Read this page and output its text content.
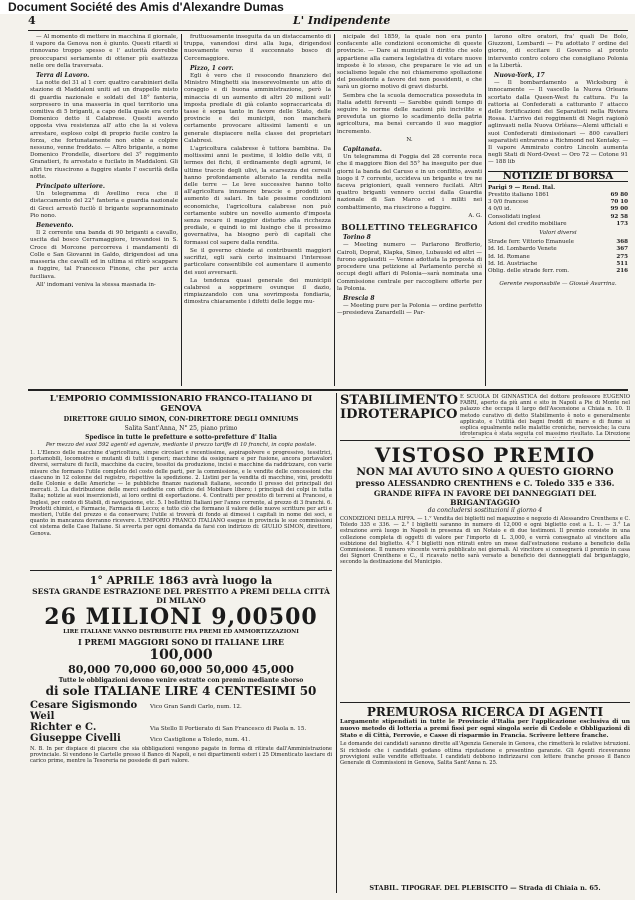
Document Société des Amis d'Alexandre Dumas
4	L' Indipendente

— Al momento di mettere in macchina il giornale, il vapore da Genova non è giunto. Questi ritardi si rinnovano troppo spesso e l' autorità dovrebbe preoccuparsi seriamente di ottener più esattezza nelle ore della traversata.

Terra di Lavoro.

La notte del 31 al 1 corr. quattro carabinieri della stazione di Maddaloni uniti ad un drappello misto di guardia nazionale e soldati del 18° fanteria, sorpresero in una masseria in quel territorio una comitiva di 5 briganti, a capo della quale era certo Domenico detto il Calabrese. Questi avendo opposta viva resistenza all' atto che la si voleva arrestare, esploso colpi di proprio fucile contro la forza, che fortunatamente non ebbe a colpire nessuno, venne freddato. — Altro brigante, a nome Domenico Frondelle, disertore del 3° reggimento Granatieri, fu arrestato e fucilato in Maddaloni. Gli altri tre riuscirono a fuggire stante l' oscurità della notte.

Principato ulteriore.

Un telegramma di Avellino reca che il distaccamento del 22° fanteria e guardia nazionale di Greci arrestò fucilò il brigante soprannominato Pio nono.

Benevento.

Il 2 corrente una banda di 90 briganti a cavallo, uscita dal bosco Cerramaggiore, trovandosi in S. Croce di Morcone percorreva i mandamenti di Colle e San Giovanni in Galdo, dirigendosi ad una masseria che cavalli ed in ultima si ritirò scappare a fuggire, tal Francesco Finone, che per accia fuciliava.

All' indomani veniva la stessa masnada in-

fruttuosamente inseguita da un distaccamento di truppa, vanendosi dirsi alla luga, dirigendosi nuovamente verso il succennato bosco di Cercemaggiore.

Pizzo, 1 corr.

Egli è vero che il resocondo finanziero del Ministro Minghetti sia inesorevolmente un atto di coraggio e di buona amministrazione, però la minaccia di un aumento di altri 20 milioni sull' imposta prediale di già colanto sopraccaricata di tasse è sorpa tanto in favore delle Stato, delle provincie e dei municipii, non mancherà certamente provocare altissimi lamenti e un generale dispiacere nella classe dei proprietari Calabresi.

L'agricoltura calabrese è tuttora bambina. Da moltissimi anni le pestime, il loldio delle viti, il lermes dei fichi, il erdinamente degli agrumi, le ultime traccie degli ulivi, la scarsezza dei cereali hanno profondamente alterato la rendita nella delle terre — Le leve successive hanno tolto all'agricoltura innumere braccie e prodotti un aumento di salari. In tale pessime condizioni economiche, l'agricoltura calabrese non può certamente subire un novello aumento d'imposta senza recare il maggior disturbo alla ricchezza prediale, e quindi io mi lusingo che il prossimo governativa, ha bisogno però di capitali che formassi col sapere dalla rendita.

Se il governo chiede ai contribuenti maggiori sacrifizi, egli sarà certo insinuarsi l'interesse particolare consentibile col aumentare il aumento dei suoi avversarii.

La tendenza quasi generale dei municipii calabresi a sopprimere ovunque il dazio, rimpiazzandolo con una sovrimposta fondiaria, dimostra chiaramente i difetti delle legge mu-

nicipale del 1859, la quale non era punto confacente alle condizioni economiche di queste provincie. — Dare ai municipii il diritto che solo appartiene alla camera legislativa di votare nuove imposte è lo stesso, che preparare le vie ad un socialismo legale che noi chiameremo spoliazione del possidente a favore dei non possidenti, e che sarà un giorno motivo di gravi disturbi.

Sembra che la scuola democratica posseduta in Italia adetti ferventi — Sarebbe quindi tempo di seguire le norme delle nazioni più incivilite e preveduta un giorno lo scadimento della patria agricoltura, ma bensì cercando il suo maggior incremento.

N.

Capitanata.

Un telegramma di Foggia del 28 corrente reca che il maggiore Bion del 55° ha inseguito per due giorni la banda del Caruso e in un conflitto, avanti luogo il 7 corrente, uccideva un brigante e tre ne faceva prigionieri, quali vennero fucilati. Altri quattro briganti vennero uccisi dalla Guardia nazionale di San Marco ed i militi nei combattimento, ma riuscirono a fuggire.

A. G.

BOLLETTINO TELEGRAFICO
Torino 8

— Meeting numero — Parlarono Brofferio, Cairoli, Doprat, Klapka, Sineo, Lubauski ed altri — furono applauditi — Venne adottata la proposta di procedere una petizione al Parlamento perchè sì occupi degli affari di Polonia—sarà nominata una Commissione centrale per raccogliere offerte per la Polonia.

Brescia 8

— Meeting pure per la Polonia — ordine perfetto—presiedeva Zanardelli — Par-

larono oltre oratori, fra' quali De Bolo, Giuzzoni, Lombardi — Fu adottato l' ordine del giorno, di eccitare il Governo al pronto intervento contro coloro che consigliano Polonia e la Libertà.

Nuova-York, 17

— Il bombardamento a Wicksburg è innocamente — Il vascello la Nuova Orleans scortato dalla Queen-West fu cattura. Fu la rattoria ai Confederati a catturanto l' attacco delle fortificazioni dei Separatisti nella Riviera Rossa. L'arrivo dei reggimenti di Negri ragionò aglinvasti nella Nuova Orléans—Alemi ufficiali e suoi Confederati dimissionari — 800 cavalleri separatisti entrarono a Richmond nel Kentaky. — Il vapore Ammirato contro Lincoln aumenta negli Stati di Nord-Ovest — Oro 72 — Cotone 91 — 188 lib

NOTIZIE DI BORSA
Parigi 9 — Rend. Ital.
Prestito italiano 1861	69 80
3 0/0 francese	70 10
4 0/0 id.	99 00
Consolidati inglesi	92 58
Azioni del credito mobiliare	173
Valori diversi
Strade ferr. Vittorio Emanuele	368
Id. Id. Lombardo Venete	367
Id. Id. Romane	275
Id. Id. Austriache	511
Oblig. delle strade ferr. rom.	216
Gerente responsabile — Giosuè Avarrina.
L'EMPORIO COMMISSIONARIO FRANCO-ITALIANO DI GENOVA
DIRETTORE GIULIO SIMON, CON-DIRETTORE DEGLI OMNIUMS
Salita Sant'Anna, N° 25, piano primo
Spedisce in tutte le prefetture e sotto-prefetture d' Italia
Per mezzo dei suoi 592 agenti ed agenzie, mediante il prezzo tariffe di 10 franchi, in copia postale.
1. L'Elenco delle macchine d'agricoltura, simpe circolari e recentissime, aspirapolvere e progressivo, tessitrici, portamobili, locomotive e mutanti di tutti i generi; macchine da ossigenare e per fusione, ancora portavalori diversi, serrature di fucili, macchine da cucire, tessitoi da produzione, incisi e macchine da raddrizzare, con varie misure che formano l'utile completo del costo delle parti, per la commissione, e le vendite delle concessioni che ciascuno in 12 colonne del registro, rispettive la spedizione. 2. Listini per la vendita di macchine, vini, prodotti delle Colonie e delle Americhe — le pubbliche finanze nazionali italiane, secondo il presso dei principali dei mercati. 3. La distribuzione delle merci suddette con ufficio del Mobiliare libero; i principali dei colpi in tutta Italia; notizie ai suoi inserzionisti, ai loro ordini di esportazione. 4. Contratti per prestito di terreni ai Francesi, e Inglesi, per conto di Stabili, di navigazione, etc. 5. I bollettini Italiani per l'anno corrente, al prezzo di 3 franchi. 6. Prodotti chimici, e Farmacie, Farmacia di Lecco; e tutto ciò che formano il valore delle nuove scritture per arti e mestieri, l'utile del prezzo e da conservare; l'utile si troverà di fondo ai dimessi i capitali in nome dei soci, e quanto in mancanza dovranno ricevere. L'EMPORIO FRANCO ITALIANO esegue in provincia le sue commissioni col sistema delle Case Italiane. Si avverta per ogni domanda da farsi con indirizzo di: GIULIO SIMON, direttore, Genova.
1° APRILE 1863 avrà luogo la
SESTA GRANDE ESTRAZIONE DEL PRESTITO A PREMI DELLA CITTÀ DI MILANO
26 MILIONI 9,00500
LIRE ITALIANE VANNO DISTRIBUITE FRA PREMI ED AMMORTIZZAZIONI
I PREMI MAGGIORI SONO DI ITALIANE LIRE
100,000
80,000 70,000 60,000 50,000 45,000
Tutte le obbligazioni devono venire estratte con premio mediante sborso
di sole ITALIANE LIRE 4 CENTESIMI 50
Cesare Sigismondo Weil
Vico Gran Sandi Carlo, num. 12.
Richter e C.	Via Stello Il Portierato di San Francesco di Paola n. 15.
Giuseppe Civelli	Vico Castiglione a Toledo, num. 41.
N. B. In per dispiace di piacere che sia obbligazioni vengono pagate in forma di ritirate dall'Amministrazione provinciale. Si vendono le Cartelle presso il Banco di Napoli, e nei dipartimenti esteri i 25 Dimenticato lasciare di carico prime, mentre la Tesoreria ne possiede di pari valore.
STABILIMENTO IDROTERAPICO
E SCUOLA DI GINNASTICA del dottore professore EUGENIO FABRI, aperto da più anni e sito in Napoli a Pie di Monte nel palazzo che occupa il largo dell'Ascensione a Chiaia n. 10. Il metodo curativo di detto Stabilimento è noto e generalmente applicato, e l'utilità dei bagni freddi di mare e di fiume si esplica egualmente nelle malattie croniche, nervosiche; la cura idroterapica è stata seguita col massimo risultato. La Direzione
VISTOSO PREMIO
NON MAI AVUTO SINO A QUESTO GIORNO
presso ALESSANDRO CRENTHENS e C. Toledo 335 e 336.
GRANDE RIFFA IN FAVORE DEI DANNEGGIATI DEL BRIGANTAGGIO
da concludersi sostituzioni il giorno 4
CONDIZIONI DELLA RIFFA. — 1.° Vendita dei biglietti nel magazzino e negozio di Alessandro Crenthens e C. Toledo 335 e 336. — 2.° I biglietti saranno in numero di 12,000 e ogni biglietto cost a L. 1. — 3.° La estrazione avrà luogo in Napoli in presenza di un Notaio e di due testimoni. Il premio consiste in una collezione completa di oggetti di valore per l'importo di L. 3,000, e verrà consegnato al vincitore alla esibizione del biglietto. 4.° I biglietti non ritirati entro un mese dall'estrazione restano a beneficio della Commissione. Il numero vincente verrà pubblicato nei giornali. Al vincitore si consegnerà il premio in casa dei Signori Crenthens e C., il ricavato netto sarà versato a beneficio dei danneggiati dal brigantaggio, secondo la destinazione del Municipio.
PREMUROSA RICERCA DI AGENTI
Largamente stipendiati in tutte le Provincie d'Italia per l'applicazione esclusiva di un nuovo metodo di lotteria a premi fissi per ogni singola serie di Cedole e Obbligazioni di Stato e di Città, Ferrovie, e Casse di risparmio in Francia. Scrivere lettere franche.
Le domande dei candidati saranno dirette all'Agenzia Generale in Genova, che rimetterà le relative istruzioni. Si richiede che i candidati godano ottima riputazione e presentino garanzie. Gli Agenti riceveranno provvigioni sulle vendite effettuate. I candidati debbono indirizzarsi con lettere franche presso il Banco Generale di Commissioni in Genova, Salita Sant'Anna n. 25.
STABIL. TIPOGRAF. DEL PLEBISCITO — Strada di Chiaia n. 65.
